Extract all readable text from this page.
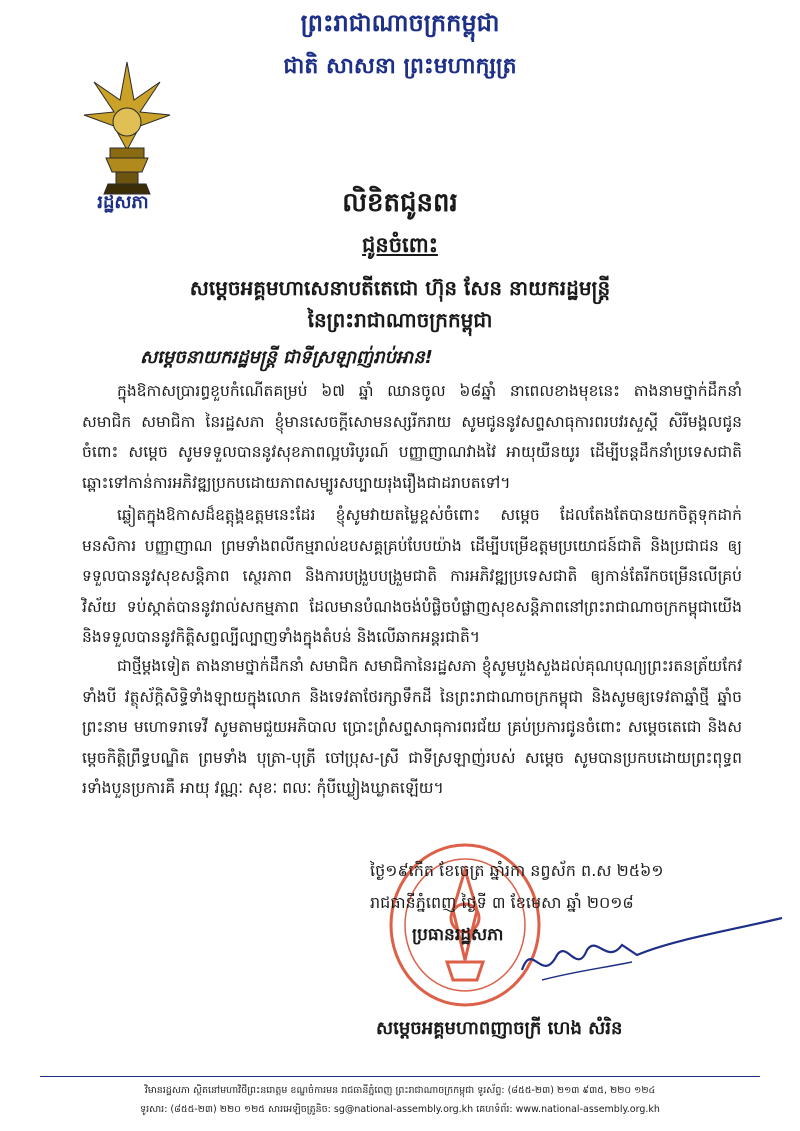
ព្រះរាជាណាចក្រកម្ពុជា
ជាតិ សាសនា ព្រះមហាក្សត្រ
រដ្ឋសភា	លិខិតជូនពរ
ជូនចំពោះ
សម្តេចអគ្គមហាសេនាបតីតេជោ ហ៊ុន សែន នាយករដ្ឋមន្ត្រី
នៃព្រះរាជាណាចក្រកម្ពុជា
សម្តេចនាយករដ្ឋមន្ត្រី ជាទីស្រឡាញ់រាប់អាន!
ក្នុងឱកាសប្រារព្ធខួបកំណើតគម្រប់ ៦៧ ឆ្នាំ ឈានចូល ៦៨ឆ្នាំ នាពេលខាងមុខនេះ តាងនាមថ្នាក់ដឹកនាំ សមាជិក សមាជិកា នៃរដ្ឋសភា ខ្ញុំមានសេចក្តីសោមនស្សរីករាយ សូមជូននូវសព្ទសាធុការពរបវរសួស្តី សិរីមង្គលជូនចំពោះ សម្តេច សូមទទួលបាននូវសុខភាពល្អបរិបូរណ៍ បញ្ញាញាណវាងវៃ អាយុយឺនយូរ ដើម្បីបន្តដឹកនាំប្រទេសជាតិឆ្ពោះទៅកាន់ការអភិវឌ្ឍប្រកបដោយភាពសម្បូរសប្បាយរុងរឿងជាដរាបតទៅ។
ឆ្លៀតក្នុងឱកាសដ៏ឧត្តុង្គឧត្តមនេះដែរ ខ្ញុំសូមវាយតម្លៃខ្ពស់ចំពោះ សម្តេច ដែលតែងតែបានយកចិត្តទុកដាក់ មនសិការ បញ្ញាញាណ ព្រមទាំងពលីកម្មរាល់ឧបសគ្គគ្រប់បែបយ៉ាង ដើម្បីបម្រើឧត្តមប្រយោជន៍ជាតិ និងប្រជាជន ឲ្យទទួលបាននូវសុខសន្តិភាព ស្ថេរភាព និងការបង្រួបបង្រួមជាតិ ការអភិវឌ្ឍប្រទេសជាតិ ឲ្យកាន់តែរីកចម្រើនលើគ្រប់វិស័យ ទប់ស្កាត់បាននូវរាល់សកម្មភាព ដែលមានបំណងចង់បំផ្លិចបំផ្លាញសុខសន្តិភាពនៅព្រះរាជាណាចក្រកម្ពុជាយើង និងទទួលបាននូវកិត្តិសព្ទល្បីល្បាញទាំងក្នុងតំបន់ និងលើឆាកអន្តរជាតិ។
ជាថ្មីម្តងទៀត តាងនាមថ្នាក់ដឹកនាំ សមាជិក សមាជិកានៃរដ្ឋសភា ខ្ញុំសូមបួងសួងដល់គុណបុណ្យព្រះរតនត្រ័យកែវទាំងបី វត្ថុស័ក្តិសិទ្ធិទាំងឡាយក្នុងលោក និងទេវតាថែរក្សាទឹកដី នៃព្រះរាជាណាចក្រកម្ពុជា និងសូមឲ្យទេវតាឆ្នាំថ្មី ឆ្នាំច ព្រះនាម មហោទរាទេវី សូមតាមជួយអភិបាល ប្រោះព្រំសព្ទសាធុការពរជ័យ គ្រប់ប្រការជូនចំពោះ សម្តេចតេជោ និងសម្តេចកិត្តិព្រឹទ្ធបណ្ឌិត ព្រមទាំង បុត្រា-បុត្រី ចៅប្រុស-ស្រី ជាទីស្រឡាញ់របស់ សម្តេច សូមបានប្រកបដោយព្រះពុទ្ធពរទាំងបួនប្រការគឺ អាយុ វណ្ណៈ សុខៈ ពលៈ កុំបីឃ្លៀងឃ្លាតឡើយ។
ថ្ងៃ១៩កើត ខែចេត្រ ឆ្នាំរកា នព្វស័ក ព.ស ២៥៦១
រាជធានីភ្នំពេញ ថ្ងៃទី ៣ ខែមេសា ឆ្នាំ ២០១៨
ប្រធានរដ្ឋសភា
សម្តេចអគ្គមហាពញាចក្រី ហេង សំរិន
វិមានរដ្ឋសភា ស្ថិតនៅមហាវិថីព្រះនរោត្តម ខណ្ឌចំការមន រាជធានីភ្នំពេញ ព្រះរាជាណាចក្រកម្ពុជា ទូរស័ព្ទ: (៨៥៥-២៣) ២១៣ ៩៣៥, ២២០ ១២៤
ទូរសារ: (៨៥៥-២៣) ២២០ ១២៥ សារអេឡិចត្រូនិច: sg@national-assembly.org.kh គេហទំព័រ: www.national-assembly.org.kh
